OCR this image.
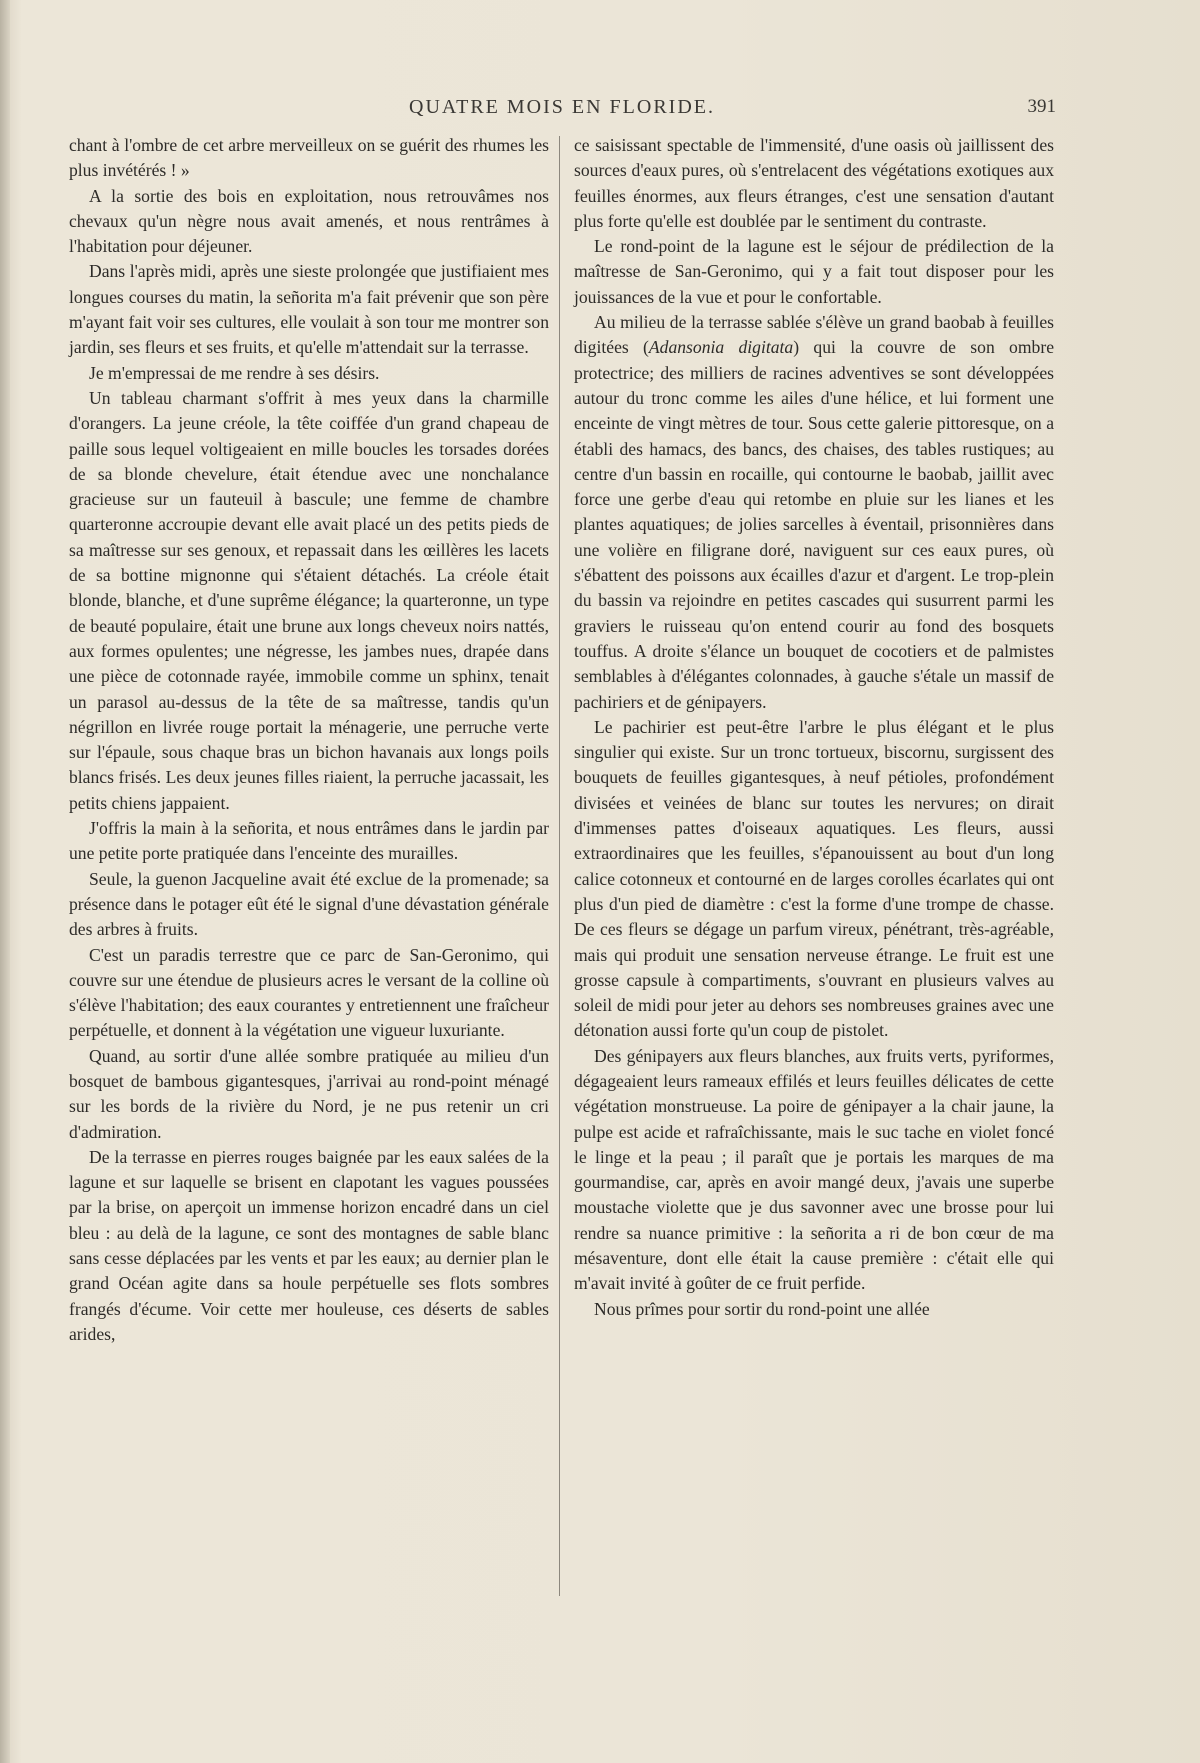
QUATRE MOIS EN FLORIDE.	391

chant à l'ombre de cet arbre merveilleux on se guérit des rhumes les plus invétérés ! »

A la sortie des bois en exploitation, nous retrouvâmes nos chevaux qu'un nègre nous avait amenés, et nous rentrâmes à l'habitation pour déjeuner.

Dans l'après midi, après une sieste prolongée que justifiaient mes longues courses du matin, la señorita m'a fait prévenir que son père m'ayant fait voir ses cultures, elle voulait à son tour me montrer son jardin, ses fleurs et ses fruits, et qu'elle m'attendait sur la terrasse.

Je m'empressai de me rendre à ses désirs.

Un tableau charmant s'offrit à mes yeux dans la charmille d'orangers. La jeune créole, la tête coiffée d'un grand chapeau de paille sous lequel voltigeaient en mille boucles les torsades dorées de sa blonde chevelure, était étendue avec une nonchalance gracieuse sur un fauteuil à bascule; une femme de chambre quarteronne accroupie devant elle avait placé un des petits pieds de sa maîtresse sur ses genoux, et repassait dans les œillères les lacets de sa bottine mignonne qui s'étaient détachés. La créole était blonde, blanche, et d'une suprême élégance; la quarteronne, un type de beauté populaire, était une brune aux longs cheveux noirs nattés, aux formes opulentes; une négresse, les jambes nues, drapée dans une pièce de cotonnade rayée, immobile comme un sphinx, tenait un parasol au-dessus de la tête de sa maîtresse, tandis qu'un négrillon en livrée rouge portait la ménagerie, une perruche verte sur l'épaule, sous chaque bras un bichon havanais aux longs poils blancs frisés. Les deux jeunes filles riaient, la perruche jacassait, les petits chiens jappaient.

J'offris la main à la señorita, et nous entrâmes dans le jardin par une petite porte pratiquée dans l'enceinte des murailles.

Seule, la guenon Jacqueline avait été exclue de la promenade; sa présence dans le potager eût été le signal d'une dévastation générale des arbres à fruits.

C'est un paradis terrestre que ce parc de San-Geronimo, qui couvre sur une étendue de plusieurs acres le versant de la colline où s'élève l'habitation; des eaux courantes y entretiennent une fraîcheur perpétuelle, et donnent à la végétation une vigueur luxuriante.

Quand, au sortir d'une allée sombre pratiquée au milieu d'un bosquet de bambous gigantesques, j'arrivai au rond-point ménagé sur les bords de la rivière du Nord, je ne pus retenir un cri d'admiration.

De la terrasse en pierres rouges baignée par les eaux salées de la lagune et sur laquelle se brisent en clapotant les vagues poussées par la brise, on aperçoit un immense horizon encadré dans un ciel bleu : au delà de la lagune, ce sont des montagnes de sable blanc sans cesse déplacées par les vents et par les eaux; au dernier plan le grand Océan agite dans sa houle perpétuelle ses flots sombres frangés d'écume. Voir cette mer houleuse, ces déserts de sables arides,

ce saisissant spectable de l'immensité, d'une oasis où jaillissent des sources d'eaux pures, où s'entrelacent des végétations exotiques aux feuilles énormes, aux fleurs étranges, c'est une sensation d'autant plus forte qu'elle est doublée par le sentiment du contraste.

Le rond-point de la lagune est le séjour de prédilection de la maîtresse de San-Geronimo, qui y a fait tout disposer pour les jouissances de la vue et pour le confortable.

Au milieu de la terrasse sablée s'élève un grand baobab à feuilles digitées (Adansonia digitata) qui la couvre de son ombre protectrice; des milliers de racines adventives se sont développées autour du tronc comme les ailes d'une hélice, et lui forment une enceinte de vingt mètres de tour. Sous cette galerie pittoresque, on a établi des hamacs, des bancs, des chaises, des tables rustiques; au centre d'un bassin en rocaille, qui contourne le baobab, jaillit avec force une gerbe d'eau qui retombe en pluie sur les lianes et les plantes aquatiques; de jolies sarcelles à éventail, prisonnières dans une volière en filigrane doré, naviguent sur ces eaux pures, où s'ébattent des poissons aux écailles d'azur et d'argent. Le trop-plein du bassin va rejoindre en petites cascades qui susurrent parmi les graviers le ruisseau qu'on entend courir au fond des bosquets touffus. A droite s'élance un bouquet de cocotiers et de palmistes semblables à d'élégantes colonnades, à gauche s'étale un massif de pachiriers et de génipayers.

Le pachirier est peut-être l'arbre le plus élégant et le plus singulier qui existe. Sur un tronc tortueux, biscornu, surgissent des bouquets de feuilles gigantesques, à neuf pétioles, profondément divisées et veinées de blanc sur toutes les nervures; on dirait d'immenses pattes d'oiseaux aquatiques. Les fleurs, aussi extraordinaires que les feuilles, s'épanouissent au bout d'un long calice cotonneux et contourné en de larges corolles écarlates qui ont plus d'un pied de diamètre : c'est la forme d'une trompe de chasse. De ces fleurs se dégage un parfum vireux, pénétrant, très-agréable, mais qui produit une sensation nerveuse étrange. Le fruit est une grosse capsule à compartiments, s'ouvrant en plusieurs valves au soleil de midi pour jeter au dehors ses nombreuses graines avec une détonation aussi forte qu'un coup de pistolet.

Des génipayers aux fleurs blanches, aux fruits verts, pyriformes, dégageaient leurs rameaux effilés et leurs feuilles délicates de cette végétation monstrueuse. La poire de génipayer a la chair jaune, la pulpe est acide et rafraîchissante, mais le suc tache en violet foncé le linge et la peau ; il paraît que je portais les marques de ma gourmandise, car, après en avoir mangé deux, j'avais une superbe moustache violette que je dus savonner avec une brosse pour lui rendre sa nuance primitive : la señorita a ri de bon cœur de ma mésaventure, dont elle était la cause première : c'était elle qui m'avait invité à goûter de ce fruit perfide.

Nous prîmes pour sortir du rond-point une allée
